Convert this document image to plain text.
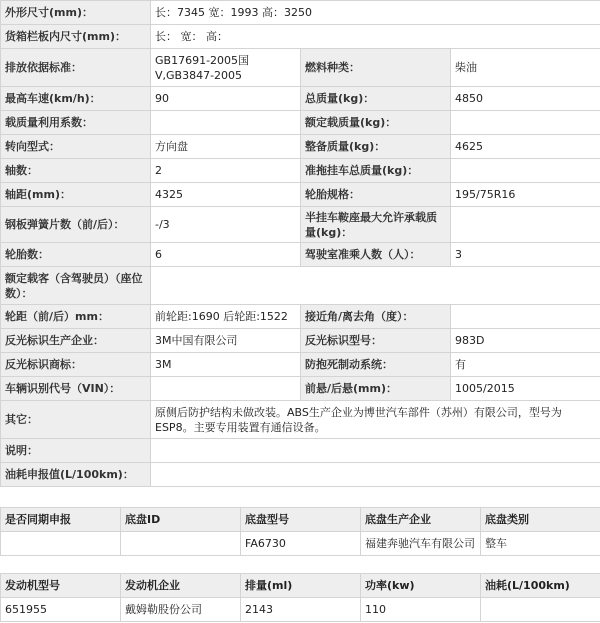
外形尺寸(mm)：	长：7345 宽：1993 高：3250		
货箱栏板内尺寸(mm)：	长： 宽： 高：		
排放依据标准：	GB17691-2005国Ⅴ,GB3847-2005	燃料种类：	柴油
最高车速(km/h)：	90	总质量(kg)：	4850
载质量利用系数：		额定载质量(kg)：	
转向型式：	方向盘	整备质量(kg)：	4625
轴数：	2	准拖挂车总质量(kg)：	
轴距(mm)：	4325	轮胎规格：	195/75R16
钢板弹簧片数（前/后）：	-/3	半挂车鞍座最大允许承载质量(kg)：	
轮胎数：	6	驾驶室准乘人数（人）：	3
额定载客（含驾驶员）（座位数）：			
轮距（前/后）mm：	前轮距:1690 后轮距:1522	接近角/离去角（度）：	
反光标识生产企业：	3M中国有限公司	反光标识型号：	983D
反光标识商标：	3M	防抱死制动系统：	有
车辆识别代号（VIN）：		前悬/后悬(mm)：	1005/2015
其它：	原侧后防护结构未做改装。ABS生产企业为博世汽车部件（苏州）有限公司，型号为ESP8。主要专用装置有通信设备。		
说明：			
油耗申报值(L/100km)：			
是否同期申报	底盘ID	底盘型号	底盘生产企业	底盘类别
		FA6730	福建奔驰汽车有限公司	整车
发动机型号	发动机企业	排量(ml)	功率(kw)	油耗(L/100km)
651955	戴姆勒股份公司	2143	110	
